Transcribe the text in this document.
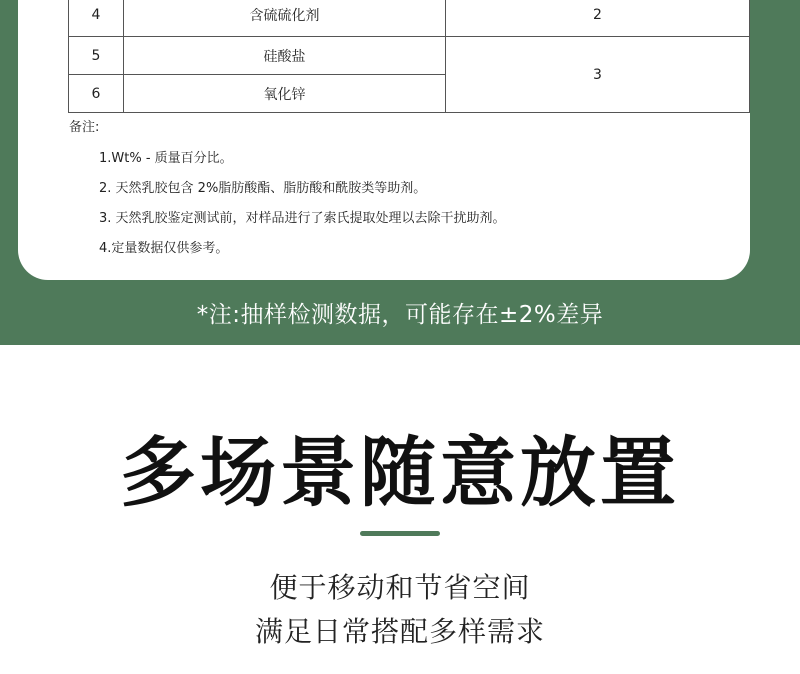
4	含硫硫化剂	2
5	硅酸盐	3
6	氧化锌	
备注:
1.Wt% - 质量百分比。
2. 天然乳胶包含 2%脂肪酸酯、脂肪酸和酰胺类等助剂。
3. 天然乳胶鉴定测试前，对样品进行了索氏提取处理以去除干扰助剂。
4.定量数据仅供参考。
*注:抽样检测数据，可能存在±2%差异
多场景随意放置
便于移动和节省空间
满足日常搭配多样需求
